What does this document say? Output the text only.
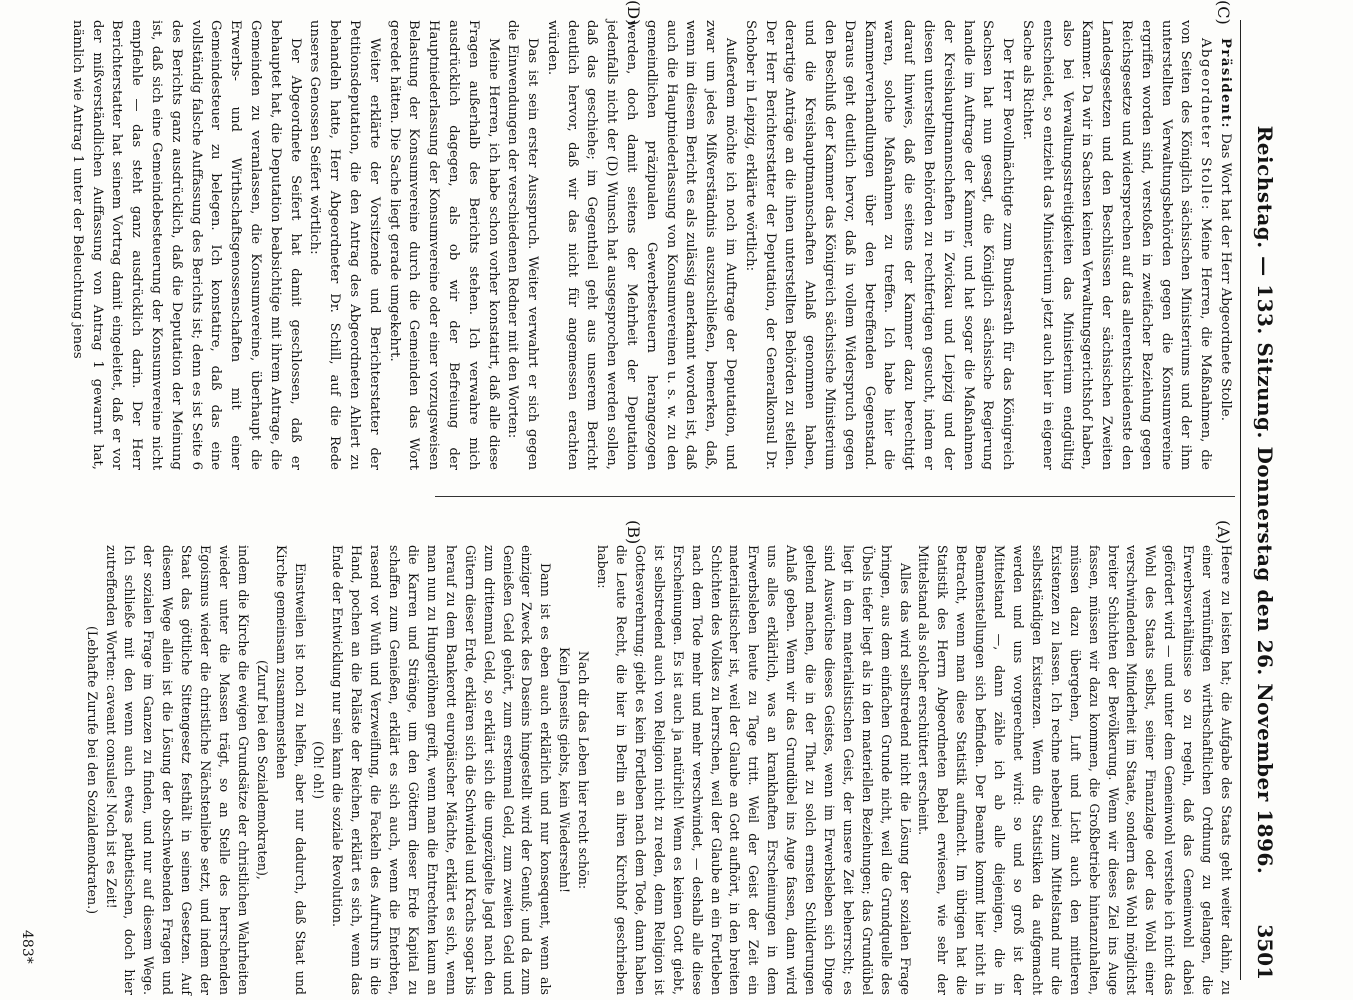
Reichstag. — 133. Sitzung. Donnerstag den 26. November 1896.
3501

Heere zu leisten hat; die Aufgabe des Staats geht weiter dahin, zu einer vernünftigen wirthschaftlichen Ordnung zu gelangen, die Erwerbsverhältnisse so zu regeln, daß das Gemeinwohl dabei gefördert wird — und unter dem Gemeinwohl verstehe ich nicht das Wohl des Staats selbst, seiner Finanzlage oder das Wohl einer verschwindenden Minderheit im Staate, sondern das Wohl möglichst breiter Schichten der Bevölkerung. Wenn wir dieses Ziel ins Auge fassen, müssen wir dazu kommen, die Großbetriebe hintanzuhalten, müssen dazu übergehen, Luft und Licht auch den mittleren Existenzen zu lassen. Ich rechne nebenbei zum Mittelstand nur die selbstständigen Existenzen. Wenn die Statistiken da aufgemacht werden und uns vorgerechnet wird: so und so groß ist der Mittelstand —, dann zähle ich ab alle diejenigen, die in Beamtenstellungen sich befinden. Der Beamte kommt hier nicht in Betracht, wenn man diese Statistik aufmacht. Im übrigen hat die Statistik des Herrn Abgeordneten Bebel erwiesen, wie sehr der Mittelstand als solcher erschüttert erscheint.

Alles das wird selbstredend nicht die Lösung der sozialen Frage bringen, aus dem einfachen Grunde nicht, weil die Grundquelle des Übels tiefer liegt als in den materiellen Beziehungen; das Grundübel liegt in dem materialistischen Geist, der unsere Zeit beherrscht; es sind Auswüchse dieses Geistes, wenn im Erwerbsleben sich Dinge geltend machen, die in der That zu solch ernsten Schilderungen Anlaß geben. Wenn wir das Grundübel ins Auge fassen, dann wird uns alles erklärlich, was an krankhaften Erscheinungen in dem Erwerbsleben heute zu Tage tritt. Weil der Geist der Zeit ein materialistischer ist, weil der Glaube an Gott aufhört, in den breiten Schichten des Volkes zu herrschen, weil der Glaube an ein Fortleben nach dem Tode mehr und mehr verschwindet, — deshalb alle diese Erscheinungen. Es ist auch ja natürlich! Wenn es keinen Gott giebt, ist selbstredend auch von Religion nicht zu reden, denn Religion ist Gottesverehrung; giebt es kein Fortleben nach dem Tode, dann haben die Leute Recht, die hier in Berlin an ihren Kirchhof geschrieben haben:

Nach dir das Leben hier recht schön:

Kein Jenseits giebts, kein Wiedersehn!

Dann ist es eben auch erklärlich und nur konsequent, wenn als einziger Zweck des Daseins hingestellt wird der Genuß; und da zum Genießen Geld gehört, zum erstenmal Geld, zum zweiten Geld und zum drittenmal Geld, so erklärt sich die ungezügelte Jagd nach den Gütern dieser Erde, erklären sich die Schwindel und Krachs sogar bis herauf zu dem Bankerott europäischer Mächte, erklärt es sich, wenn man nun zu Hungerlöhnen greift, wenn man die Entrechten kaum an die Karren und Stränge, um den Göttern dieser Erde Kapital zu schaffen zum Genießen, erklärt es sich auch, wenn die Enterbten, rasend vor Wuth und Verzweiflung, die Fackeln des Aufruhrs in die Hand, pochen an die Paläste der Reichen, erklärt es sich, wenn das Ende der Entwicklung nur sein kann die soziale Revolution.

(Oh! oh!)

Einstweilen ist noch zu helfen, aber nur dadurch, daß Staat und Kirche gemeinsam zusammenstehen

(Zuruf bei den Sozialdemokraten),

indem die Kirche die ewigen Grundsätze der christlichen Wahrheiten wieder unter die Massen trägt, so an Stelle des herrschenden Egoismus wieder die christliche Nächstenliebe setzt, und indem der Staat das göttliche Sittengesetz festhält in seinen Gesetzen. Auf diesem Wege allein ist die Lösung der obschwebenden Fragen und der sozialen Frage im Ganzen zu finden, und nur auf diesem Wege. Ich schließe mit den wenn auch etwas pathetischen, doch hier zutreffenden Worten: caveant consules! Noch ist es Zeit!

(Lebhafte Zurufe bei den Sozialdemokraten.)

Präsident: Das Wort hat der Herr Abgeordnete Stolle.

Abgeordneter Stolle: Meine Herren, die Maßnahmen, die von Seiten des Königlich sächsischen Ministeriums und der ihm unterstellten Verwaltungsbehörden gegen die Konsumvereine ergriffen worden sind, verstoßen in zweifacher Beziehung gegen Reichsgesetze und widersprechen auf das allerentschiedenste den Landesgesetzen und den Beschlüssen der sächsischen Zweiten Kammer. Da wir in Sachsen keinen Verwaltungsgerichtshof haben, also bei Verwaltungsstreitigkeiten das Ministerium endgültig entscheidet, so entzieht das Ministerium jetzt auch hier in eigener Sache als Richter.

Der Herr Bevollmächtigte zum Bundesrath für das Königreich Sachsen hat nun gesagt, die Königlich sächsische Regierung handle im Auftrage der Kammer, und hat sogar die Maßnahmen der Kreishauptmannschaften in Zwickau und Leipzig und der diesen unterstellten Behörden zu rechtfertigen gesucht, indem er darauf hinwies, daß die seitens der Kammer dazu berechtigt waren, solche Maßnahmen zu treffen. Ich habe hier die Kammerverhandlungen über den betreffenden Gegenstand. Daraus geht deutlich hervor, daß in vollem Widerspruch gegen den Beschluß der Kammer das Königreich sächsische Ministerium und die Kreishauptmannschaften Anlaß genommen haben, derartige Anträge an die ihnen unterstellten Behörden zu stellen. Der Herr Berichterstatter der Deputation, der Generalkonsul Dr. Schober in Leipzig, erklärte wörtlich:

Außerdem möchte ich noch im Auftrage der Deputation, und zwar um jedes Mißverständnis auszuschließen, bemerken, daß, wenn im diesem Bericht es als zulässig anerkannt worden ist, daß auch die Hauptniederlassung von Konsumvereinen u. s. w. zu den gemeindlichen präzipualen Gewerbesteuern herangezogen werden, doch damit seitens der Mehrheit der Deputation jedenfalls nicht der (D) Wunsch hat ausgesprochen werden sollen, daß das geschiehe; im Gegentheil geht aus unserem Bericht deutlich hervor, daß wir das nicht für angemessen erachten würden.

Das ist sein erster Ausspruch. Weiter verwahrt er sich gegen die Einwendungen der verschiedenen Redner mit den Worten:

Meine Herren, ich habe schon vorher konstatirt, daß alle diese Fragen außerhalb des Berichts stehen. Ich verwahre mich ausdrücklich dagegen, als ob wir der Befreiung der Hauptniederlassung der Konsumvereine oder einer vorzugsweisen Belastung der Konsumvereine durch die Gemeinden das Wort geredet hätten. Die Sache liegt gerade umgekehrt.

Weiter erklärte der Vorsitzende und Berichterstatter der Petitionsdeputation, die den Antrag des Abgeordneten Ahlert zu behandeln hatte, Herr Abgeordneter Dr. Schill, auf die Rede unseres Genossen Seifert wörtlich:

Der Abgeordnete Seifert hat damit geschlossen, daß er behauptet hat, die Deputation beabsichtige mit ihrem Antrage, die Gemeinden zu veranlassen, die Konsumvereine, überhaupt die Erwerbs- und Wirthschaftsgenossenschaften mit einer Gemeindesteuer zu belegen. Ich konstatire, daß das eine vollständig falsche Auffassung des Berichts ist; denn es ist Seite 6 des Berichts ganz ausdrücklich, daß die Deputation der Meinung ist, daß sich eine Gemeindebesteuerung der Konsumvereine nicht empfiehle — das steht ganz ausdrücklich darin. Der Herr Berichterstatter hat seinem Vortrag damit eingeleitet, daß er vor der mißverständlichen Auffassung von Antrag 1 gewarnt hat, nämlich wie Antrag 1 unter der Beleuchtung jenes

(A)
(B)
(C)
(D)
483*
